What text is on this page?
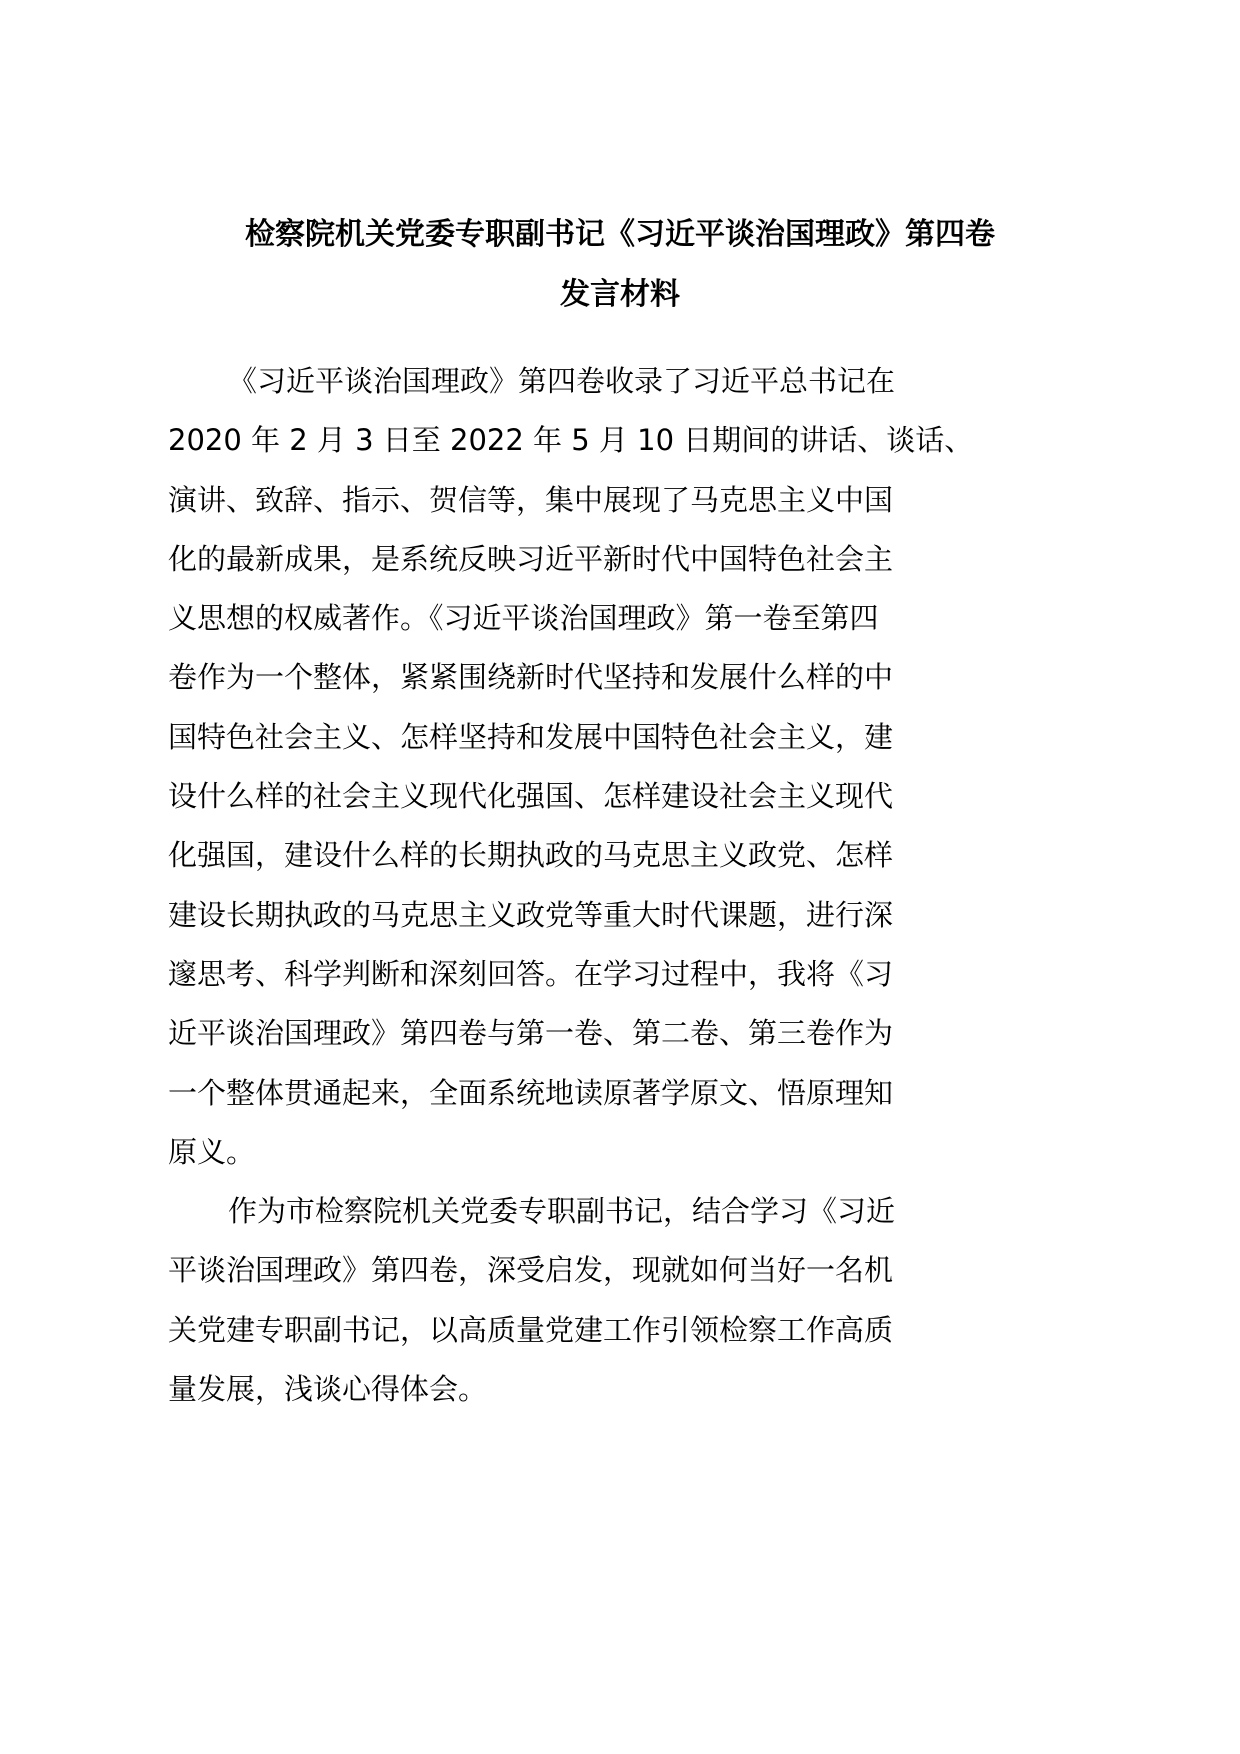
检察院机关党委专职副书记《习近平谈治国理政》第四卷
发言材料
《习近平谈治国理政》第四卷收录了习近平总书记在
2020 年 2 月 3 日至 2022 年 5 月 10 日期间的讲话、谈话、
演讲、致辞、指示、贺信等，集中展现了马克思主义中国
化的最新成果，是系统反映习近平新时代中国特色社会主
义思想的权威著作。《习近平谈治国理政》第一卷至第四
卷作为一个整体，紧紧围绕新时代坚持和发展什么样的中
国特色社会主义、怎样坚持和发展中国特色社会主义，建
设什么样的社会主义现代化强国、怎样建设社会主义现代
化强国，建设什么样的长期执政的马克思主义政党、怎样
建设长期执政的马克思主义政党等重大时代课题，进行深
邃思考、科学判断和深刻回答。在学习过程中，我将《习
近平谈治国理政》第四卷与第一卷、第二卷、第三卷作为
一个整体贯通起来，全面系统地读原著学原文、悟原理知
原义。
作为市检察院机关党委专职副书记，结合学习《习近
平谈治国理政》第四卷，深受启发，现就如何当好一名机
关党建专职副书记，以高质量党建工作引领检察工作高质
量发展，浅谈心得体会。
